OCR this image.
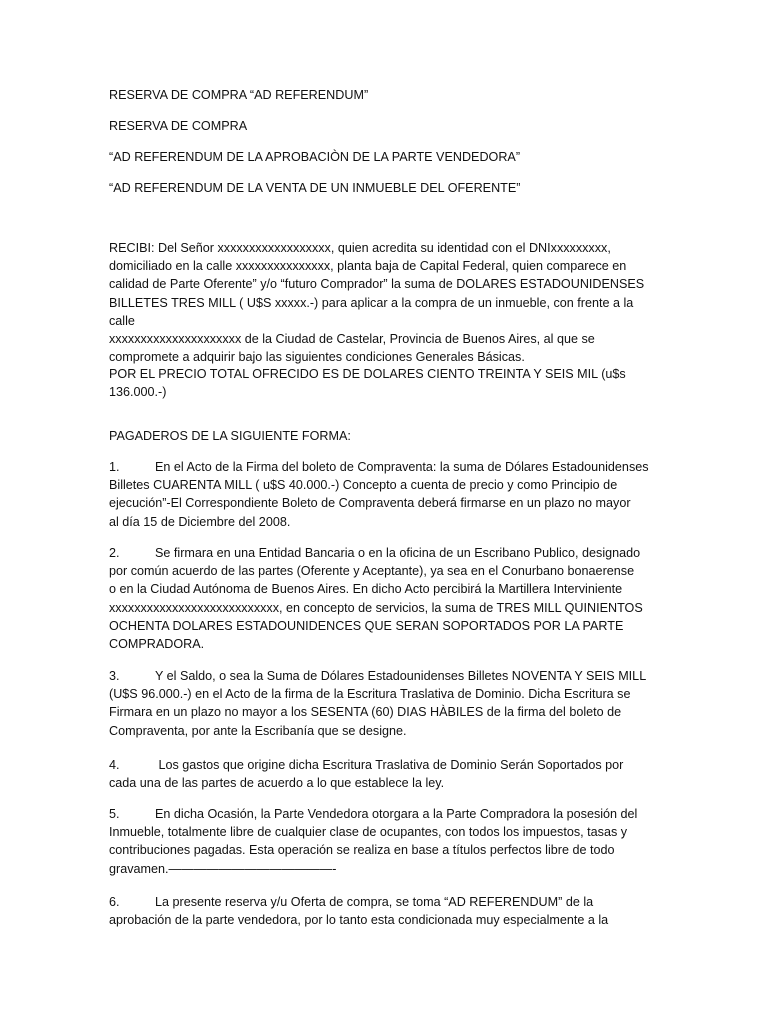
RESERVA DE COMPRA “AD REFERENDUM”

RESERVA DE COMPRA

“AD REFERENDUM DE LA APROBACIÒN DE LA PARTE VENDEDORA”

“AD REFERENDUM DE LA VENTA DE UN INMUEBLE DEL OFERENTE”

RECIBI: Del Señor xxxxxxxxxxxxxxxxxx, quien acredita su identidad con el DNIxxxxxxxxx,
domiciliado en la calle xxxxxxxxxxxxxxx, planta baja de Capital Federal, quien comparece en
calidad de Parte Oferente” y/o “futuro Comprador” la suma de DOLARES ESTADOUNIDENSES
BILLETES TRES MILL ( U$S xxxxx.-) para aplicar a la compra de un inmueble, con frente a la calle
xxxxxxxxxxxxxxxxxxxxx de la Ciudad de Castelar, Provincia de Buenos Aires, al que se
compromete a adquirir bajo las siguientes condiciones Generales Básicas.

POR EL PRECIO TOTAL OFRECIDO ES DE DOLARES CIENTO TREINTA Y SEIS MIL (u$s 136.000.-)

PAGADEROS DE LA SIGUIENTE FORMA:

1.	En el Acto de la Firma del boleto de Compraventa: la suma de Dólares Estadounidenses
Billetes CUARENTA MILL ( u$S 40.000.-) Concepto a cuenta de precio y como Principio de
ejecución”-El Correspondiente Boleto de Compraventa deberá firmarse en un plazo no mayor
al día 15 de Diciembre del 2008.

2.	Se firmara en una Entidad Bancaria o en la oficina de un Escribano Publico, designado
por común acuerdo de las partes (Oferente y Aceptante), ya sea en el Conurbano bonaerense
o en la Ciudad Autónoma de Buenos Aires. En dicho Acto percibirá la Martillera Interviniente
xxxxxxxxxxxxxxxxxxxxxxxxxxx, en concepto de servicios, la suma de TRES MILL QUINIENTOS
OCHENTA DOLARES ESTADOUNIDENCES QUE SERAN SOPORTADOS POR LA PARTE
COMPRADORA.

3.	Y el Saldo, o sea la Suma de Dólares Estadounidenses Billetes NOVENTA Y SEIS MILL
(U$S 96.000.-) en el Acto de la firma de la Escritura Traslativa de Dominio. Dicha Escritura se
Firmara en un plazo no mayor a los SESENTA (60) DIAS HÀBILES de la firma del boleto de
Compraventa, por ante la Escribanía que se designe.

4.	Los gastos que origine dicha Escritura Traslativa de Dominio Serán Soportados por
cada una de las partes de acuerdo a lo que establece la ley.

5.	En dicha Ocasión, la Parte Vendedora otorgara a la Parte Compradora la posesión del
Inmueble, totalmente libre de cualquier clase de ocupantes, con todos los impuestos, tasas y
contribuciones pagadas. Esta operación se realiza en base a títulos perfectos libre de todo
gravamen.—————————————-

6.	La presente reserva y/u Oferta de compra, se toma “AD REFERENDUM” de la
aprobación de la parte vendedora, por lo tanto esta condicionada muy especialmente a la
